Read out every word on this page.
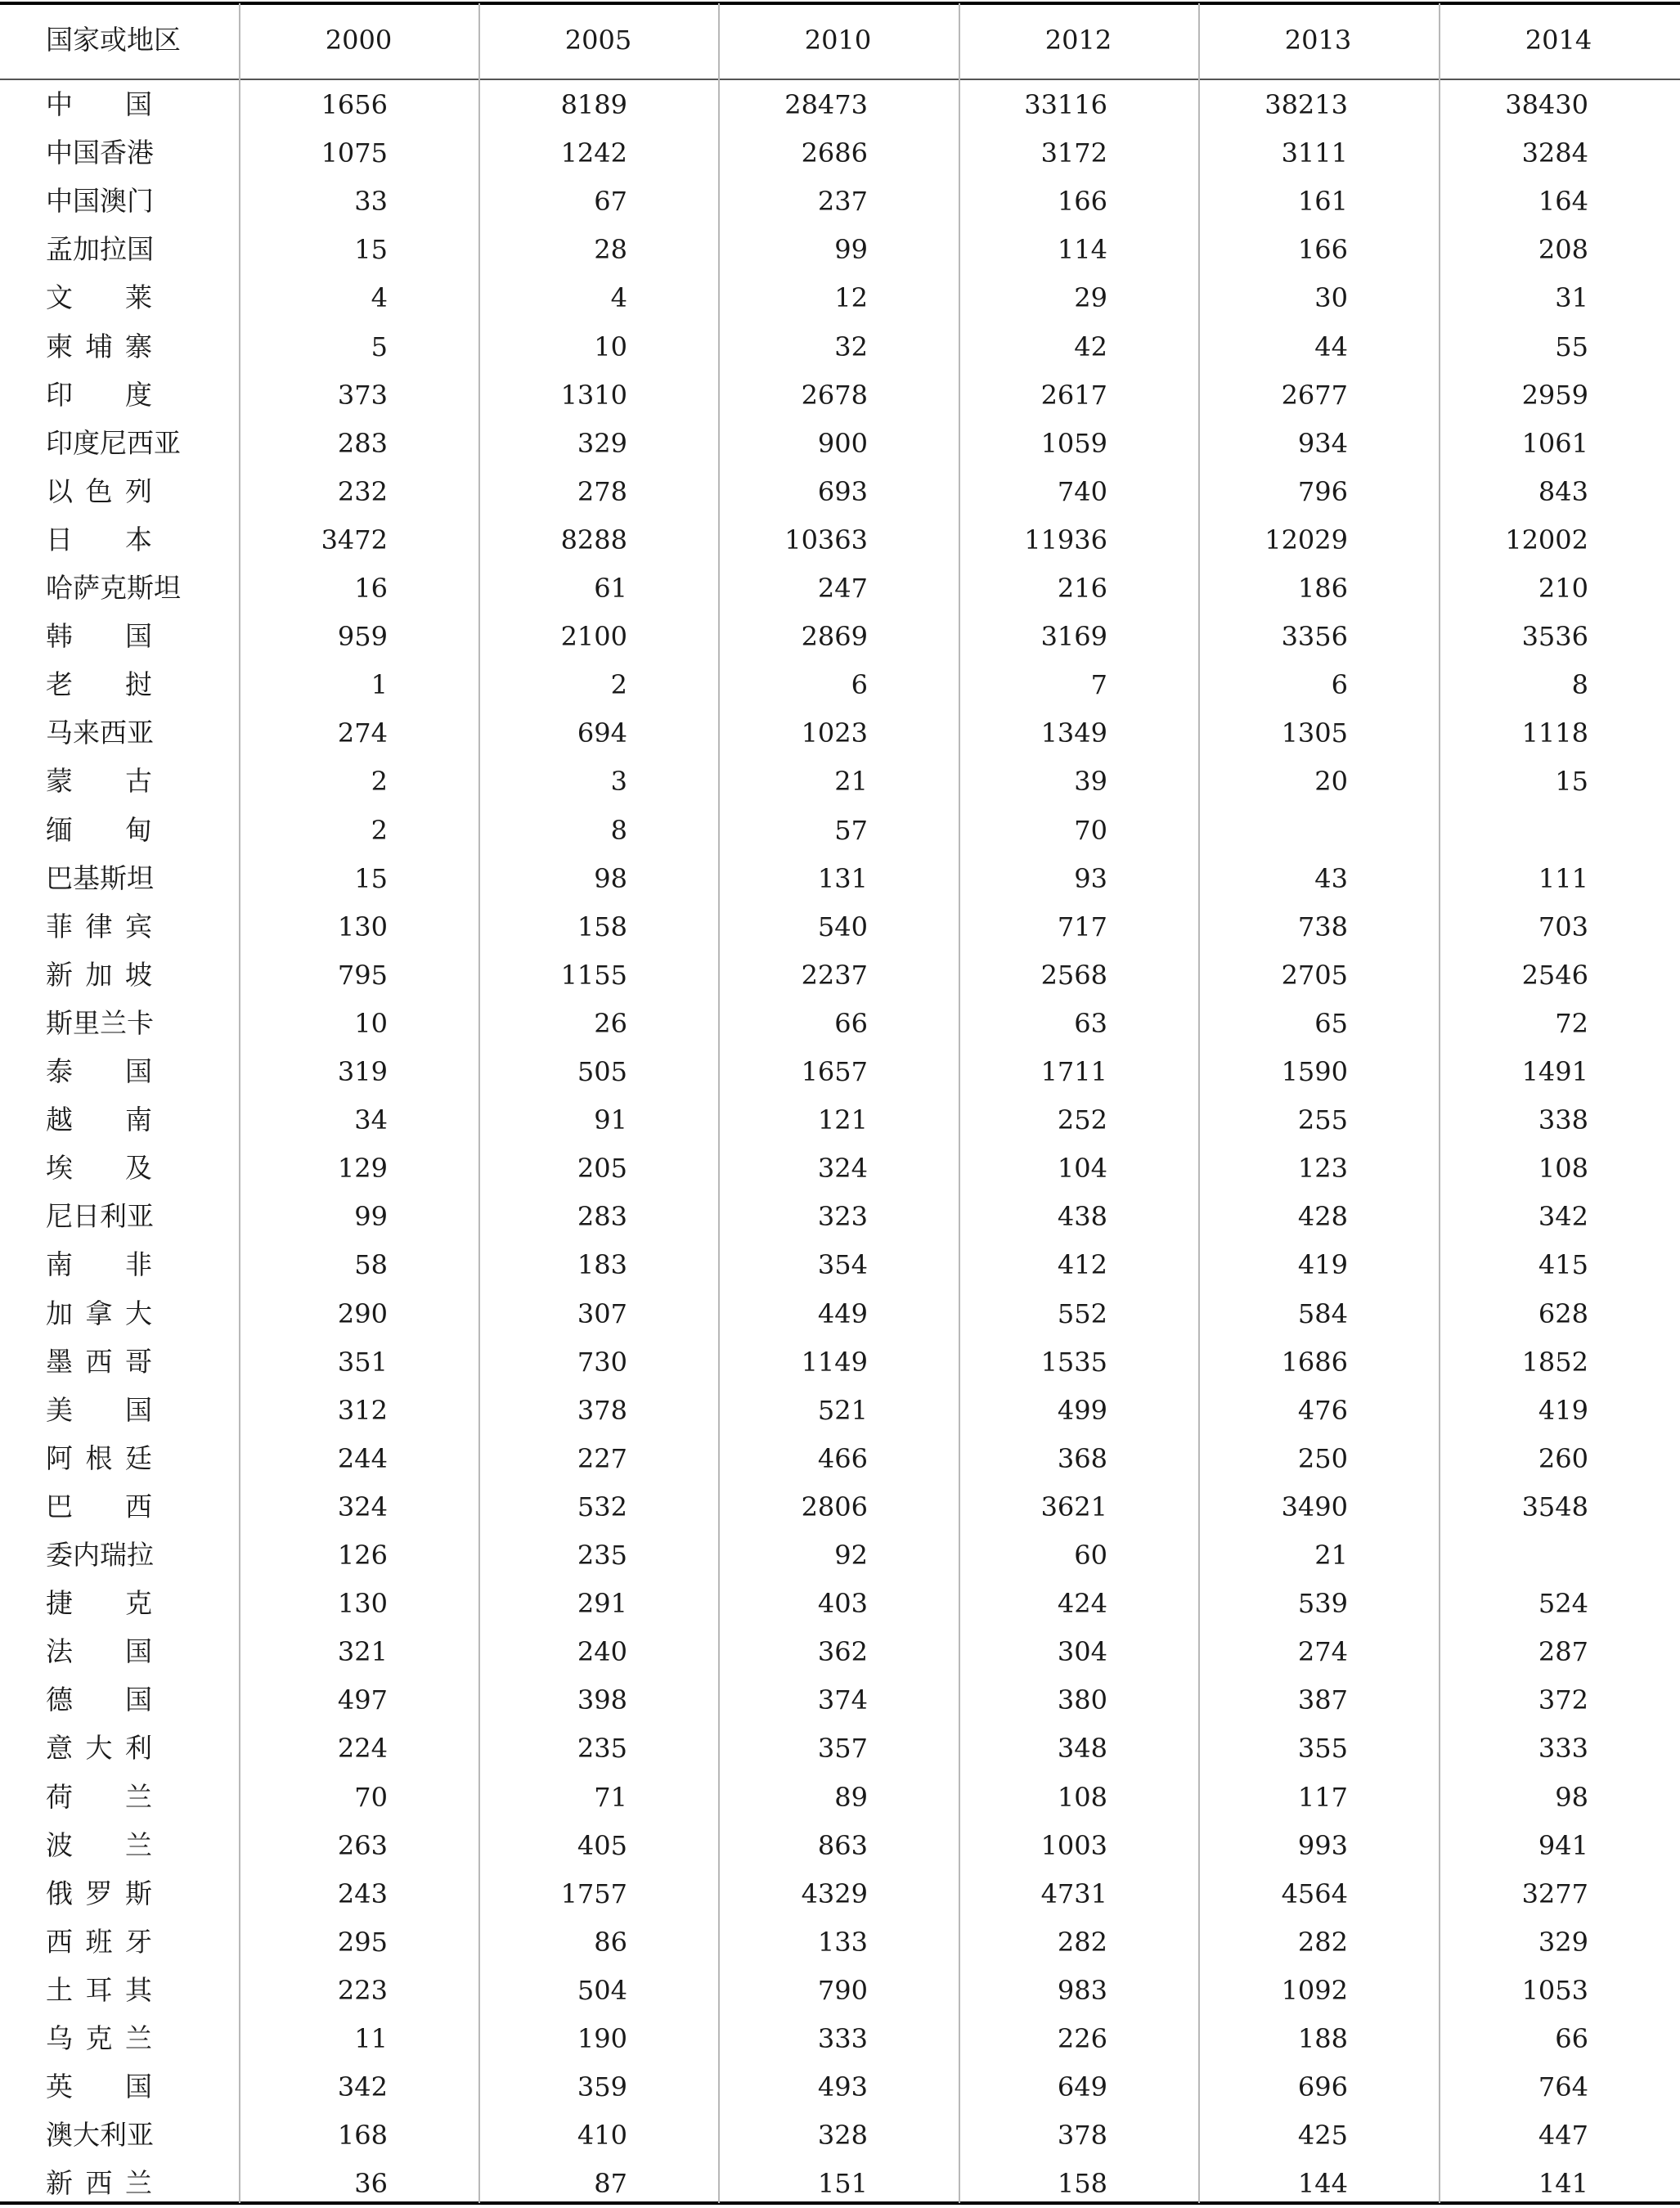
国家或地区	2000	2005	2010	2012	2013	2014
中 国	1656	8189	28473	33116	38213	38430
中国香港	1075	1242	2686	3172	3111	3284
中国澳门	33	67	237	166	161	164
孟加拉国	15	28	99	114	166	208
文 莱	4	4	12	29	30	31
柬 埔 寨	5	10	32	42	44	55
印 度	373	1310	2678	2617	2677	2959
印度尼西亚	283	329	900	1059	934	1061
以 色 列	232	278	693	740	796	843
日 本	3472	8288	10363	11936	12029	12002
哈萨克斯坦	16	61	247	216	186	210
韩 国	959	2100	2869	3169	3356	3536
老 挝	1	2	6	7	6	8
马来西亚	274	694	1023	1349	1305	1118
蒙 古	2	3	21	39	20	15
缅 甸	2	8	57	70
巴基斯坦	15	98	131	93	43	111
菲 律 宾	130	158	540	717	738	703
新 加 坡	795	1155	2237	2568	2705	2546
斯里兰卡	10	26	66	63	65	72
泰 国	319	505	1657	1711	1590	1491
越 南	34	91	121	252	255	338
埃 及	129	205	324	104	123	108
尼日利亚	99	283	323	438	428	342
南 非	58	183	354	412	419	415
加 拿 大	290	307	449	552	584	628
墨 西 哥	351	730	1149	1535	1686	1852
美 国	312	378	521	499	476	419
阿 根 廷	244	227	466	368	250	260
巴 西	324	532	2806	3621	3490	3548
委内瑞拉	126	235	92	60	21
捷 克	130	291	403	424	539	524
法 国	321	240	362	304	274	287
德 国	497	398	374	380	387	372
意 大 利	224	235	357	348	355	333
荷 兰	70	71	89	108	117	98
波 兰	263	405	863	1003	993	941
俄 罗 斯	243	1757	4329	4731	4564	3277
西 班 牙	295	86	133	282	282	329
土 耳 其	223	504	790	983	1092	1053
乌 克 兰	11	190	333	226	188	66
英 国	342	359	493	649	696	764
澳大利亚	168	410	328	378	425	447
新 西 兰	36	87	151	158	144	141
